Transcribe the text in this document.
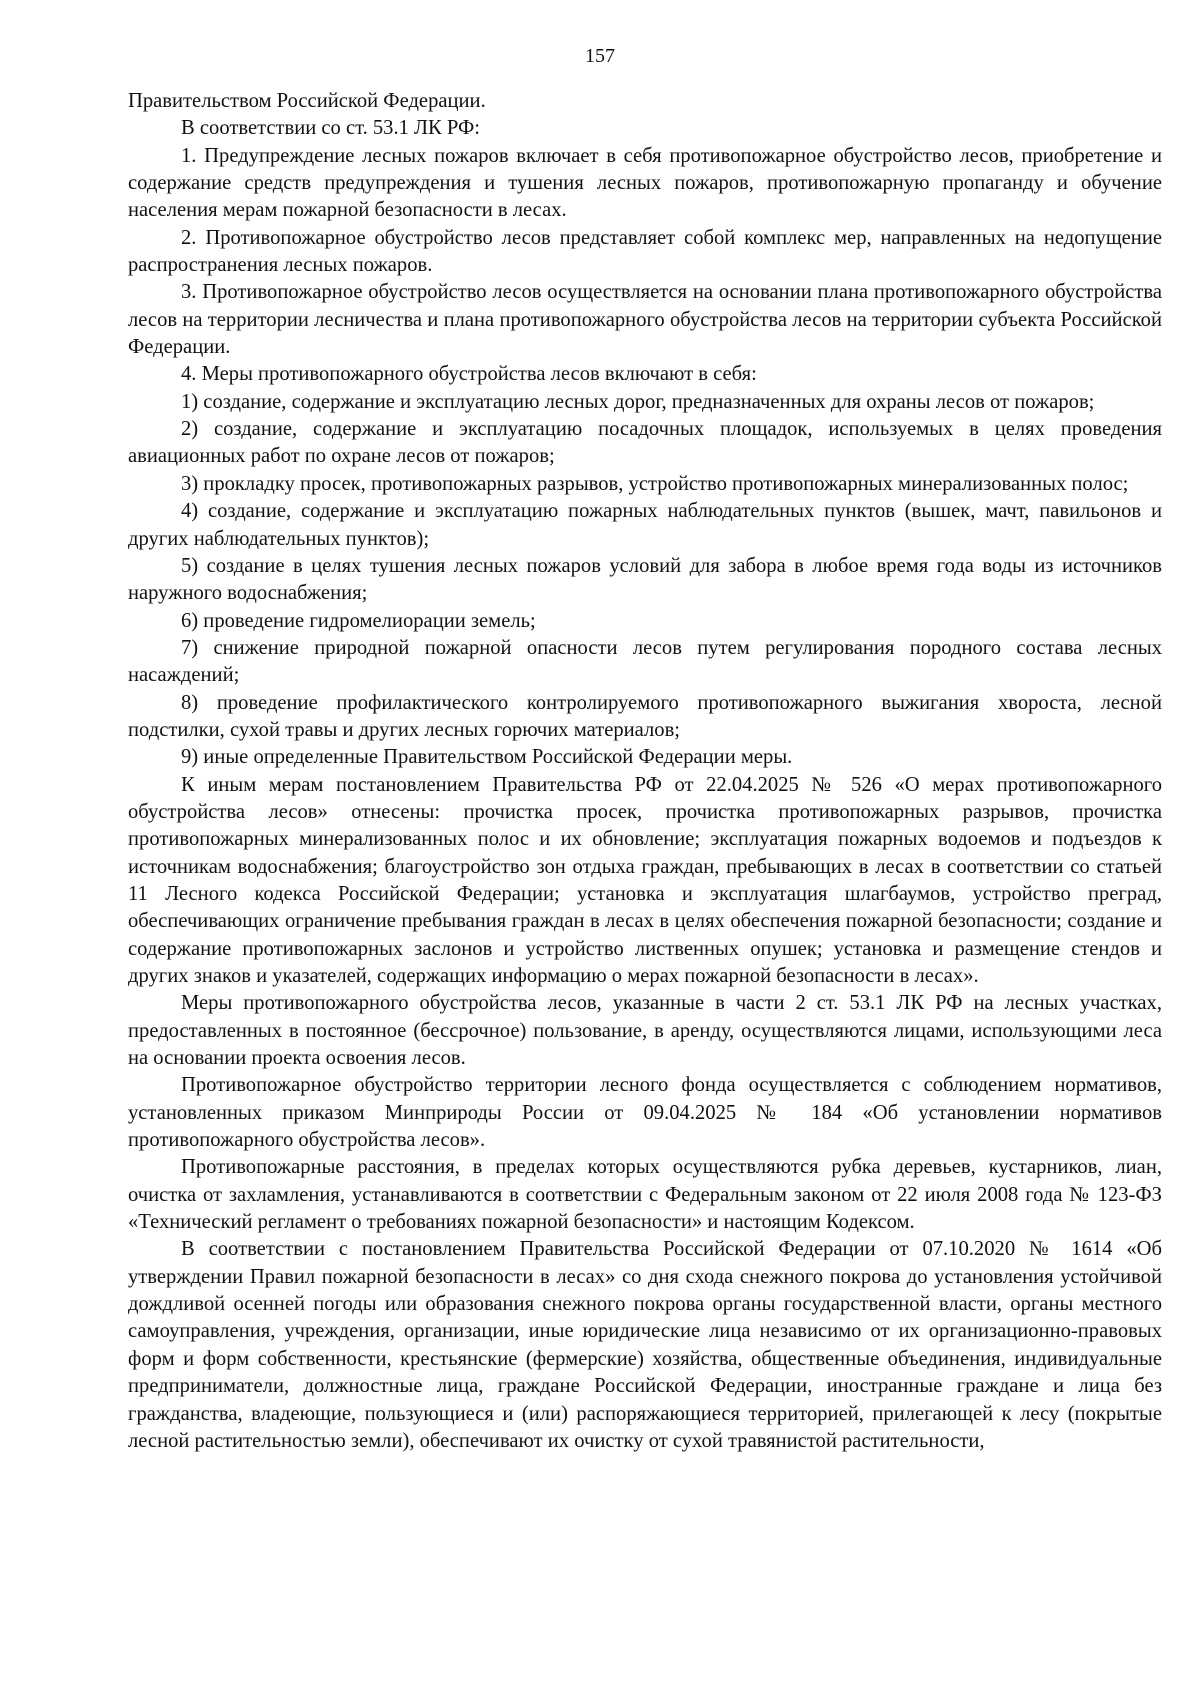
157

Правительством Российской Федерации.

В соответствии со ст. 53.1 ЛК РФ:

1. Предупреждение лесных пожаров включает в себя противопожарное обустройство лесов, приобретение и содержание средств предупреждения и тушения лесных пожаров, противопожарную пропаганду и обучение населения мерам пожарной безопасности в лесах.

2. Противопожарное обустройство лесов представляет собой комплекс мер, направленных на недопущение распространения лесных пожаров.

3. Противопожарное обустройство лесов осуществляется на основании плана противопожарного обустройства лесов на территории лесничества и плана противопожарного обустройства лесов на территории субъекта Российской Федерации.

4. Меры противопожарного обустройства лесов включают в себя:

1) создание, содержание и эксплуатацию лесных дорог, предназначенных для охраны лесов от пожаров;

2) создание, содержание и эксплуатацию посадочных площадок, используемых в целях проведения авиационных работ по охране лесов от пожаров;

3) прокладку просек, противопожарных разрывов, устройство противопожарных минерализованных полос;

4) создание, содержание и эксплуатацию пожарных наблюдательных пунктов (вышек, мачт, павильонов и других наблюдательных пунктов);

5) создание в целях тушения лесных пожаров условий для забора в любое время года воды из источников наружного водоснабжения;

6) проведение гидромелиорации земель;

7) снижение природной пожарной опасности лесов путем регулирования породного состава лесных насаждений;

8) проведение профилактического контролируемого противопожарного выжигания хвороста, лесной подстилки, сухой травы и других лесных горючих материалов;

9) иные определенные Правительством Российской Федерации меры.

К иным мерам постановлением Правительства РФ от 22.04.2025 № 526 «О мерах противопожарного обустройства лесов» отнесены: прочистка просек, прочистка противопожарных разрывов, прочистка противопожарных минерализованных полос и их обновление; эксплуатация пожарных водоемов и подъездов к источникам водоснабжения; благоустройство зон отдыха граждан, пребывающих в лесах в соответствии со статьей 11 Лесного кодекса Российской Федерации; установка и эксплуатация шлагбаумов, устройство преград, обеспечивающих ограничение пребывания граждан в лесах в целях обеспечения пожарной безопасности; создание и содержание противопожарных заслонов и устройство лиственных опушек; установка и размещение стендов и других знаков и указателей, содержащих информацию о мерах пожарной безопасности в лесах».

Меры противопожарного обустройства лесов, указанные в части 2 ст. 53.1 ЛК РФ на лесных участках, предоставленных в постоянное (бессрочное) пользование, в аренду, осуществляются лицами, использующими леса на основании проекта освоения лесов.

Противопожарное обустройство территории лесного фонда осуществляется с соблюдением нормативов, установленных приказом Минприроды России от 09.04.2025 № 184 «Об установлении нормативов противопожарного обустройства лесов».

Противопожарные расстояния, в пределах которых осуществляются рубка деревьев, кустарников, лиан, очистка от захламления, устанавливаются в соответствии с Федеральным законом от 22 июля 2008 года № 123-ФЗ «Технический регламент о требованиях пожарной безопасности» и настоящим Кодексом.

В соответствии с постановлением Правительства Российской Федерации от 07.10.2020 № 1614 «Об утверждении Правил пожарной безопасности в лесах» со дня схода снежного покрова до установления устойчивой дождливой осенней погоды или образования снежного покрова органы государственной власти, органы местного самоуправления, учреждения, организации, иные юридические лица независимо от их организационно-правовых форм и форм собственности, крестьянские (фермерские) хозяйства, общественные объединения, индивидуальные предприниматели, должностные лица, граждане Российской Федерации, иностранные граждане и лица без гражданства, владеющие, пользующиеся и (или) распоряжающиеся территорией, прилегающей к лесу (покрытые лесной растительностью земли), обеспечивают их очистку от сухой травянистой растительности,
